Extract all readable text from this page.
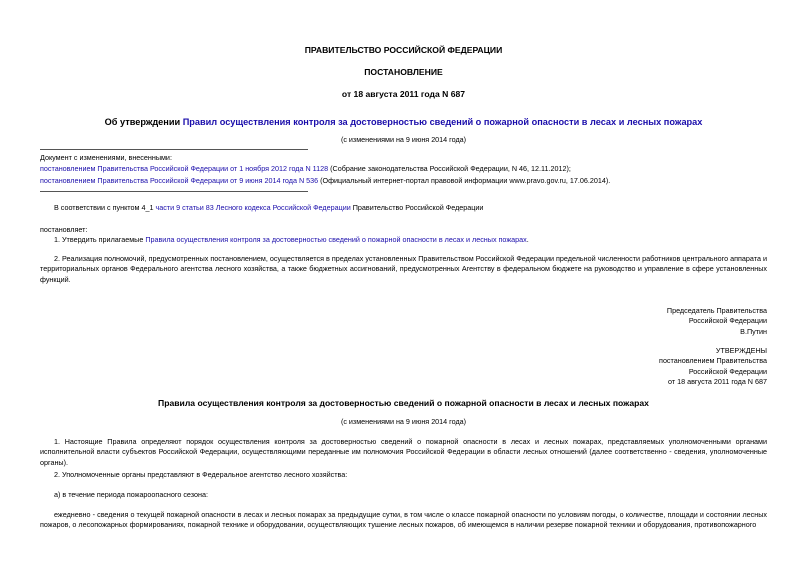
ПРАВИТЕЛЬСТВО РОССИЙСКОЙ ФЕДЕРАЦИИ
ПОСТАНОВЛЕНИЕ
от 18 августа 2011 года N 687
Об утверждении Правил осуществления контроля за достоверностью сведений о пожарной опасности в лесах и лесных пожарах
(с изменениями на 9 июня 2014 года)

Документ с изменениями, внесенными:

постановлением Правительства Российской Федерации от 1 ноября 2012 года N 1128 (Собрание законодательства Российской Федерации, N 46, 12.11.2012);

постановлением Правительства Российской Федерации от 9 июня 2014 года N 536 (Официальный интернет-портал правовой информации www.pravo.gov.ru, 17.06.2014).

В соответствии с пунктом 4_1 части 9 статьи 83 Лесного кодекса Российской Федерации Правительство Российской Федерации
постановляет:
1. Утвердить прилагаемые Правила осуществления контроля за достоверностью сведений о пожарной опасности в лесах и лесных пожарах.
2. Реализация полномочий, предусмотренных постановлением, осуществляется в пределах установленных Правительством Российской Федерации предельной численности работников центрального аппарата и территориальных органов Федерального агентства лесного хозяйства, а также бюджетных ассигнований, предусмотренных Агентству в федеральном бюджете на руководство и управление в сфере установленных функций.

Председатель Правительства

Российской Федерации

В.Путин

УТВЕРЖДЕНЫ

постановлением Правительства

Российской Федерации

от 18 августа 2011 года N 687

Правила осуществления контроля за достоверностью сведений о пожарной опасности в лесах и лесных пожарах
(с изменениями на 9 июня 2014 года)
1. Настоящие Правила определяют порядок осуществления контроля за достоверностью сведений о пожарной опасности в лесах и лесных пожарах, представляемых уполномоченными органами исполнительной власти субъектов Российской Федерации, осуществляющими переданные им полномочия Российской Федерации в области лесных отношений (далее соответственно - сведения, уполномоченные органы).
2. Уполномоченные органы представляют в Федеральное агентство лесного хозяйства:
а) в течение периода пожароопасного сезона:
ежедневно - сведения о текущей пожарной опасности в лесах и лесных пожарах за предыдущие сутки, в том числе о классе пожарной опасности по условиям погоды, о количестве, площади и состоянии лесных пожаров, о лесопожарных формированиях, пожарной технике и оборудовании, осуществляющих тушение лесных пожаров, об имеющемся в наличии резерве пожарной техники и оборудования, противопожарного
